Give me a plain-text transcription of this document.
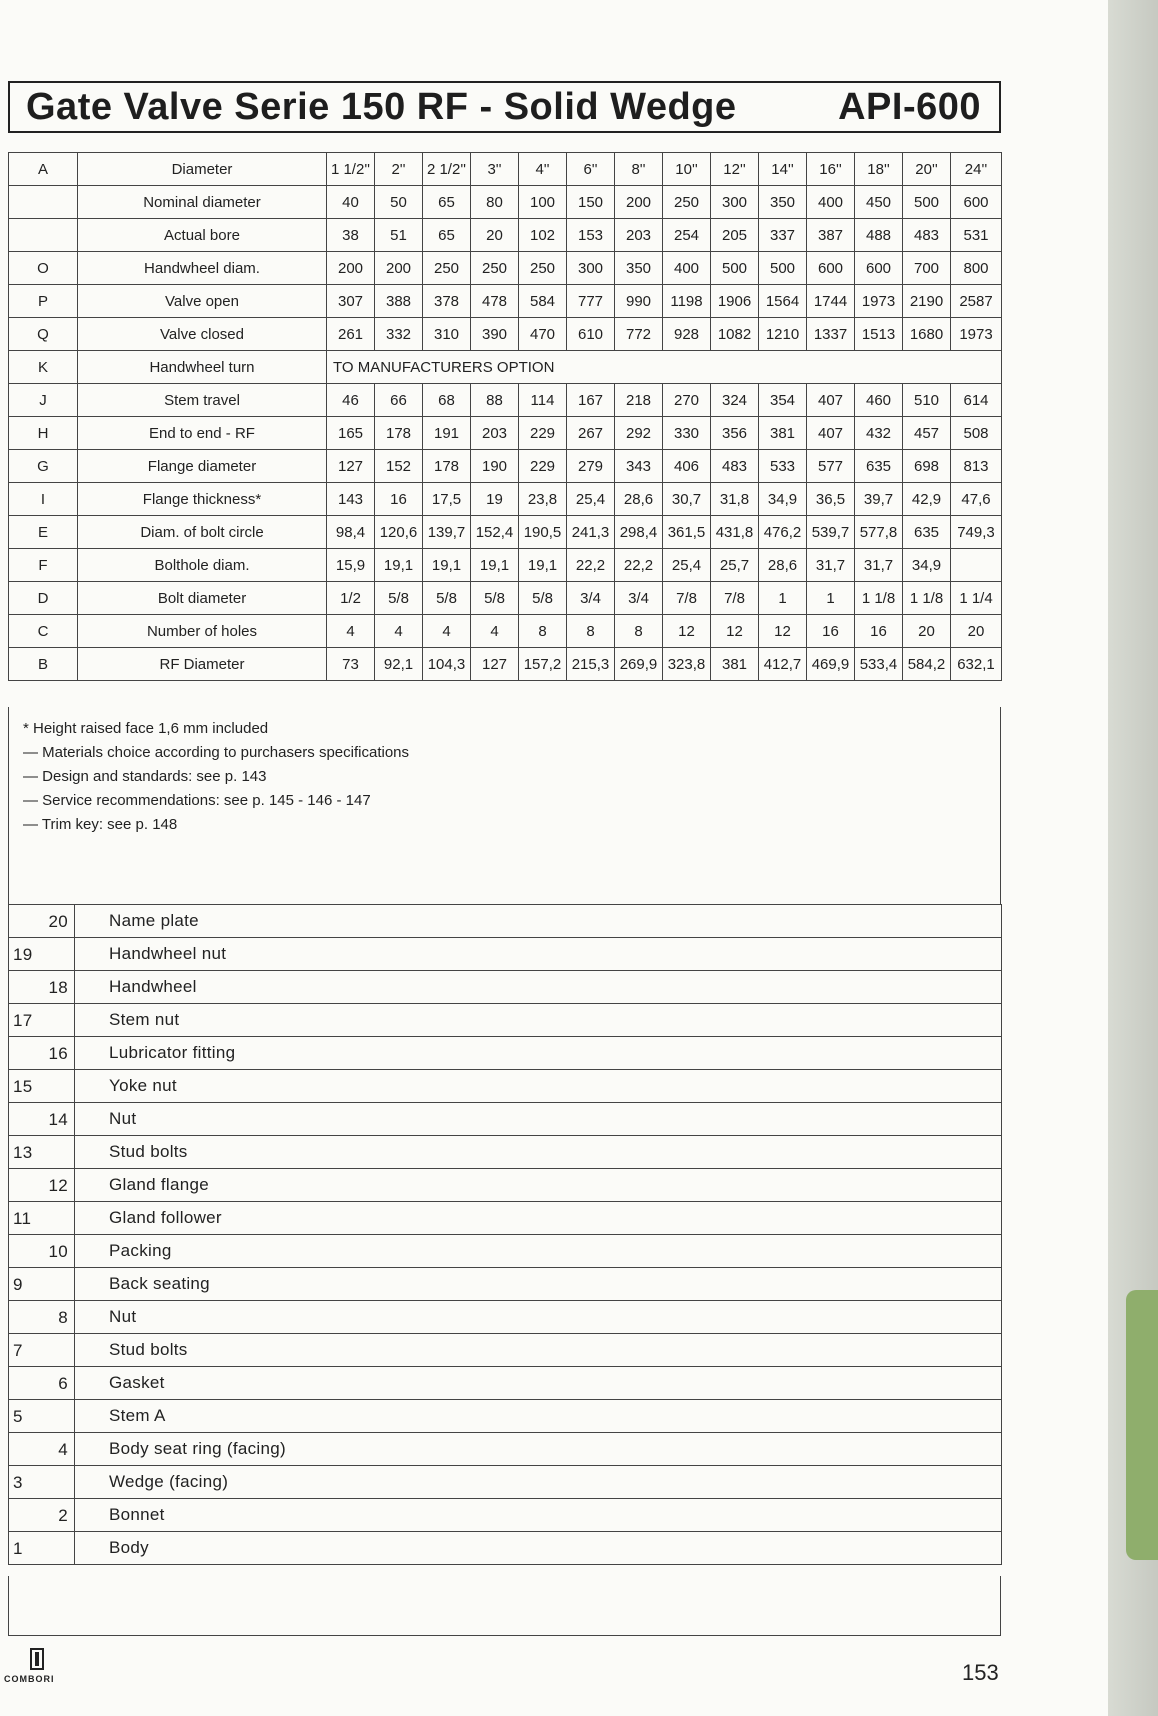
Gate Valve Serie 150 RF - Solid Wedge	API-600
A	Diameter	1 1/2''	2''	2 1/2''	3''	4''	6''	8''	10''	12''	14''	16''	18''	20''	24''
	Nominal diameter	40	50	65	80	100	150	200	250	300	350	400	450	500	600
	Actual bore	38	51	65	20	102	153	203	254	205	337	387	488	483	531
O	Handwheel diam.	200	200	250	250	250	300	350	400	500	500	600	600	700	800
P	Valve open	307	388	378	478	584	777	990	1198	1906	1564	1744	1973	2190	2587
Q	Valve closed	261	332	310	390	470	610	772	928	1082	1210	1337	1513	1680	1973
K	Handwheel turn	TO MANUFACTURERS OPTION													
J	Stem travel	46	66	68	88	114	167	218	270	324	354	407	460	510	614
H	End to end - RF	165	178	191	203	229	267	292	330	356	381	407	432	457	508
G	Flange diameter	127	152	178	190	229	279	343	406	483	533	577	635	698	813
I	Flange thickness*	143	16	17,5	19	23,8	25,4	28,6	30,7	31,8	34,9	36,5	39,7	42,9	47,6
E	Diam. of bolt circle	98,4	120,6	139,7	152,4	190,5	241,3	298,4	361,5	431,8	476,2	539,7	577,8	635	749,3
F	Bolthole diam.	15,9	19,1	19,1	19,1	19,1	22,2	22,2	25,4	25,7	28,6	31,7	31,7	34,9	
D	Bolt diameter	1/2	5/8	5/8	5/8	5/8	3/4	3/4	7/8	7/8	1	1	1 1/8	1 1/8	1 1/4
C	Number of holes	4	4	4	4	8	8	8	12	12	12	16	16	20	20
B	RF Diameter	73	92,1	104,3	127	157,2	215,3	269,9	323,8	381	412,7	469,9	533,4	584,2	632,1
* Height raised face 1,6 mm included
— Materials choice according to purchasers specifications
— Design and standards: see p. 143
— Service recommendations: see p. 145 - 146 - 147
— Trim key: see p. 148
20	Name plate

19	Handwheel nut

18	Handwheel

17	Stem nut

16	Lubricator fitting

15	Yoke nut

14	Nut

13	Stud bolts

12	Gland flange

11	Gland follower

10	Packing

9	Back seating

8	Nut

7	Stud bolts

6	Gasket

5	Stem A

4	Body seat ring (facing)

3	Wedge (facing)

2	Bonnet

1	Body
COMBORI	153
